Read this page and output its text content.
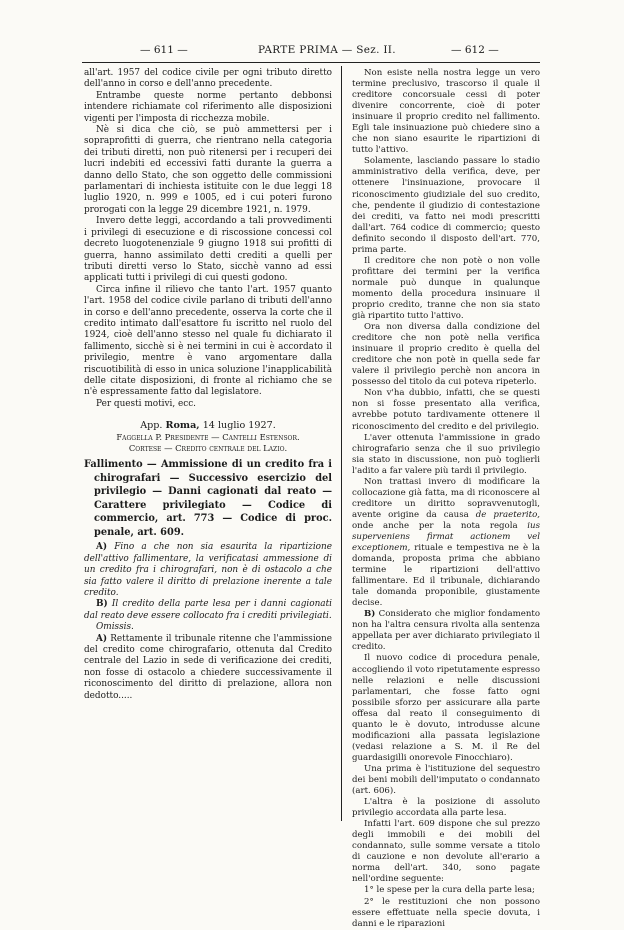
— 611 —	PARTE PRIMA — Sez. II.	— 612 —

all'art. 1957 del codice civile per ogni tributo diretto dell'anno in corso e dell'anno precedente.

Entrambe queste norme pertanto debbonsi intendere richiamate col riferimento alle disposizioni vigenti per l'imposta di ricchezza mobile.

Nè si dica che ciò, se può ammettersi per i sopraprofitti di guerra, che rientrano nella categoria dei tributi diretti, non può ritenersi per i recuperi dei lucri indebiti ed eccessivi fatti durante la guerra a danno dello Stato, che son oggetto delle commissioni parlamentari di inchiesta istituite con le due leggi 18 luglio 1920, n. 999 e 1005, ed i cui poteri furono prorogati con la legge 29 dicembre 1921, n. 1979.

Invero dette leggi, accordando a tali provvedimenti i privilegi di esecuzione e di riscossione concessi col decreto luogotenenziale 9 giugno 1918 sui profitti di guerra, hanno assimilato detti crediti a quelli per tributi diretti verso lo Stato, sicchè vanno ad essi applicati tutti i privilegi di cui questi godono.

Circa infine il rilievo che tanto l'art. 1957 quanto l'art. 1958 del codice civile parlano di tributi dell'anno in corso e dell'anno precedente, osserva la corte che il credito intimato dall'esattore fu iscritto nel ruolo del 1924, cioè dell'anno stesso nel quale fu dichiarato il fallimento, sicchè si è nei termini in cui è accordato il privilegio, mentre è vano argomentare dalla riscuotibilità di esso in unica soluzione l'inapplicabilità delle citate disposizioni, di fronte al richiamo che se n'è espressamente fatto dal legislatore.

Per questi motivi, ecc.

App. Roma, 14 luglio 1927.

Faggella P. Presidente — Cantelli Estensor.

Cortese — Credito centrale del Lazio.

Fallimento — Ammissione di un credito fra i chirografari — Successivo esercizio del privilegio — Danni cagionati dal reato — Carattere privilegiato — Codice di commercio, art. 773 — Codice di proc. penale, art. 609.

A) Fino a che non sia esaurita la ripartizione dell'attivo fallimentare, la verificatasi ammessione di un credito fra i chirografari, non è di ostacolo a che sia fatto valere il diritto di prelazione inerente a tale credito.

B) Il credito della parte lesa per i danni cagionati dal reato deve essere collocato fra i crediti privilegiati.

Omissis.

A) Rettamente il tribunale ritenne che l'ammissione del credito come chirografario, ottenuta dal Credito centrale del Lazio in sede di verificazione dei crediti, non fosse di ostacolo a chiedere successivamente il riconoscimento del diritto di prelazione, allora non dedotto.....

Non esiste nella nostra legge un vero termine preclusivo, trascorso il quale il creditore concorsuale cessi di poter divenire concorrente, cioè di poter insinuare il proprio credito nel fallimento. Egli tale insinuazione può chiedere sino a che non siano esaurite le ripartizioni di tutto l'attivo.

Solamente, lasciando passare lo stadio amministrativo della verifica, deve, per ottenere l'insinuazione, provocare il riconoscimento giudiziale del suo credito, che, pendente il giudizio di contestazione dei crediti, va fatto nei modi prescritti dall'art. 764 codice di commercio; questo definito secondo il disposto dell'art. 770, prima parte.

Il creditore che non potè o non volle profittare dei termini per la verifica normale può dunque in qualunque momento della procedura insinuare il proprio credito, tranne che non sia stato già ripartito tutto l'attivo.

Ora non diversa dalla condizione del creditore che non potè nella verifica insinuare il proprio credito è quella del creditore che non potè in quella sede far valere il privilegio perchè non ancora in possesso del titolo da cui poteva ripeterlo.

Non v'ha dubbio, infatti, che se questi non si fosse presentato alla verifica, avrebbe potuto tardivamente ottenere il riconoscimento del credito e del privilegio.

L'aver ottenuta l'ammissione in grado chirografario senza che il suo privilegio sia stato in discussione, non può toglierli l'adito a far valere più tardi il privilegio.

Non trattasi invero di modificare la collocazione già fatta, ma di riconoscere al creditore un diritto sopravvenutogli, avente origine da causa de praeterito, onde anche per la nota regola ius superveniens firmat actionem vel exceptionem, rituale e tempestiva ne è la domanda, proposta prima che abbiano termine le ripartizioni dell'attivo fallimentare. Ed il tribunale, dichiarando tale domanda proponibile, giustamente decise.

B) Considerato che miglior fondamento non ha l'altra censura rivolta alla sentenza appellata per aver dichiarato privilegiato il credito.

Il nuovo codice di procedura penale, accogliendo il voto ripetutamente espresso nelle relazioni e nelle discussioni parlamentari, che fosse fatto ogni possibile sforzo per assicurare alla parte offesa dal reato il conseguimento di quanto le è dovuto, introdusse alcune modificazioni alla passata legislazione (vedasi relazione a S. M. il Re del guardasigilli onorevole Finocchiaro).

Una prima è l'istituzione del sequestro dei beni mobili dell'imputato o condannato (art. 606).

L'altra è la posizione di assoluto privilegio accordata alla parte lesa.

Infatti l'art. 609 dispone che sul prezzo degli immobili e dei mobili del condannato, sulle somme versate a titolo di cauzione e non devolute all'erario a norma dell'art. 340, sono pagate nell'ordine seguente:

1° le spese per la cura della parte lesa;

2° le restituzioni che non possono essere effettuate nella specie dovuta, i danni e le riparazioni
